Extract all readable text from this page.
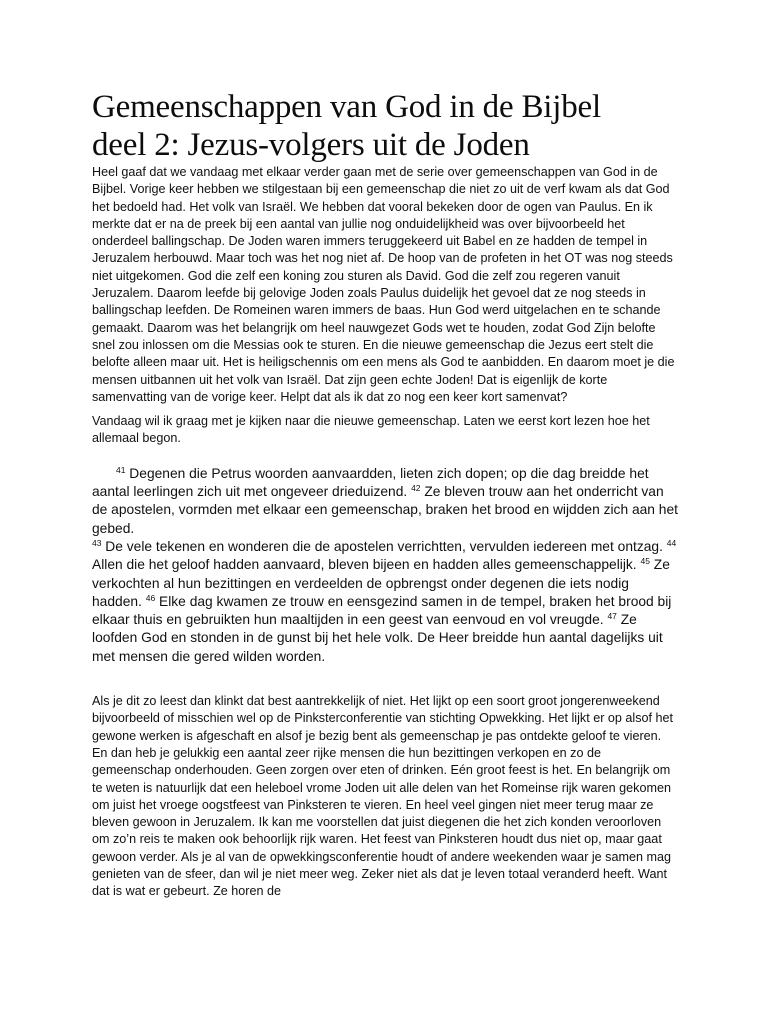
Gemeenschappen van God in de Bijbel
deel 2: Jezus-volgers uit de Joden

Heel gaaf dat we vandaag met elkaar verder gaan met de serie over gemeenschappen van God in de Bijbel. Vorige keer hebben we stilgestaan bij een gemeenschap die niet zo uit de verf kwam als dat God het bedoeld had. Het volk van Israël. We hebben dat vooral bekeken door de ogen van Paulus. En ik merkte dat er na de preek bij een aantal van jullie nog onduidelijkheid was over bijvoorbeeld het onderdeel ballingschap. De Joden waren immers teruggekeerd uit Babel en ze hadden de tempel in Jeruzalem herbouwd. Maar toch was het nog niet af. De hoop van de profeten in het OT was nog steeds niet uitgekomen. God die zelf een koning zou sturen als David. God die zelf zou regeren vanuit Jeruzalem. Daarom leefde bij gelovige Joden zoals Paulus duidelijk het gevoel dat ze nog steeds in ballingschap leefden. De Romeinen waren immers de baas. Hun God werd uitgelachen en te schande gemaakt. Daarom was het belangrijk om heel nauwgezet Gods wet te houden, zodat God Zijn belofte snel zou inlossen om die Messias ook te sturen. En die nieuwe gemeenschap die Jezus eert stelt die belofte alleen maar uit. Het is heiligschennis om een mens als God te aanbidden. En daarom moet je die mensen uitbannen uit het volk van Israël. Dat zijn geen echte Joden! Dat is eigenlijk de korte samenvatting van de vorige keer. Helpt dat als ik dat zo nog een keer kort samenvat?

Vandaag wil ik graag met je kijken naar die nieuwe gemeenschap. Laten we eerst kort lezen hoe het allemaal begon.

$^{41}$ Degenen die Petrus woorden aanvaardden, lieten zich dopen; op die dag breidde het aantal leerlingen zich uit met ongeveer drieduizend. $^{42}$ Ze bleven trouw aan het onderricht van de apostelen, vormden met elkaar een gemeenschap, braken het brood en wijdden zich aan het gebed.

$^{43}$ De vele tekenen en wonderen die de apostelen verrichtten, vervulden iedereen met ontzag. $^{44}$ Allen die het geloof hadden aanvaard, bleven bijeen en hadden alles gemeenschappelijk. $^{45}$ Ze verkochten al hun bezittingen en verdeelden de opbrengst onder degenen die iets nodig hadden. $^{46}$ Elke dag kwamen ze trouw en eensgezind samen in de tempel, braken het brood bij elkaar thuis en gebruikten hun maaltijden in een geest van eenvoud en vol vreugde. $^{47}$ Ze loofden God en stonden in de gunst bij het hele volk. De Heer breidde hun aantal dagelijks uit met mensen die gered wilden worden.

Als je dit zo leest dan klinkt dat best aantrekkelijk of niet. Het lijkt op een soort groot jongerenweekend bijvoorbeeld of misschien wel op de Pinksterconferentie van stichting Opwekking. Het lijkt er op alsof het gewone werken is afgeschaft en alsof je bezig bent als gemeenschap je pas ontdekte geloof te vieren. En dan heb je gelukkig een aantal zeer rijke mensen die hun bezittingen verkopen en zo de gemeenschap onderhouden. Geen zorgen over eten of drinken. Eén groot feest is het. En belangrijk om te weten is natuurlijk dat een heleboel vrome Joden uit alle delen van het Romeinse rijk waren gekomen om juist het vroege oogstfeest van Pinksteren te vieren. En heel veel gingen niet meer terug maar ze bleven gewoon in Jeruzalem. Ik kan me voorstellen dat juist diegenen die het zich konden veroorloven om zo’n reis te maken ook behoorlijk rijk waren. Het feest van Pinksteren houdt dus niet op, maar gaat gewoon verder. Als je al van de opwekkingsconferentie houdt of andere weekenden waar je samen mag genieten van de sfeer, dan wil je niet meer weg. Zeker niet als dat je leven totaal veranderd heeft. Want dat is wat er gebeurt. Ze horen de
